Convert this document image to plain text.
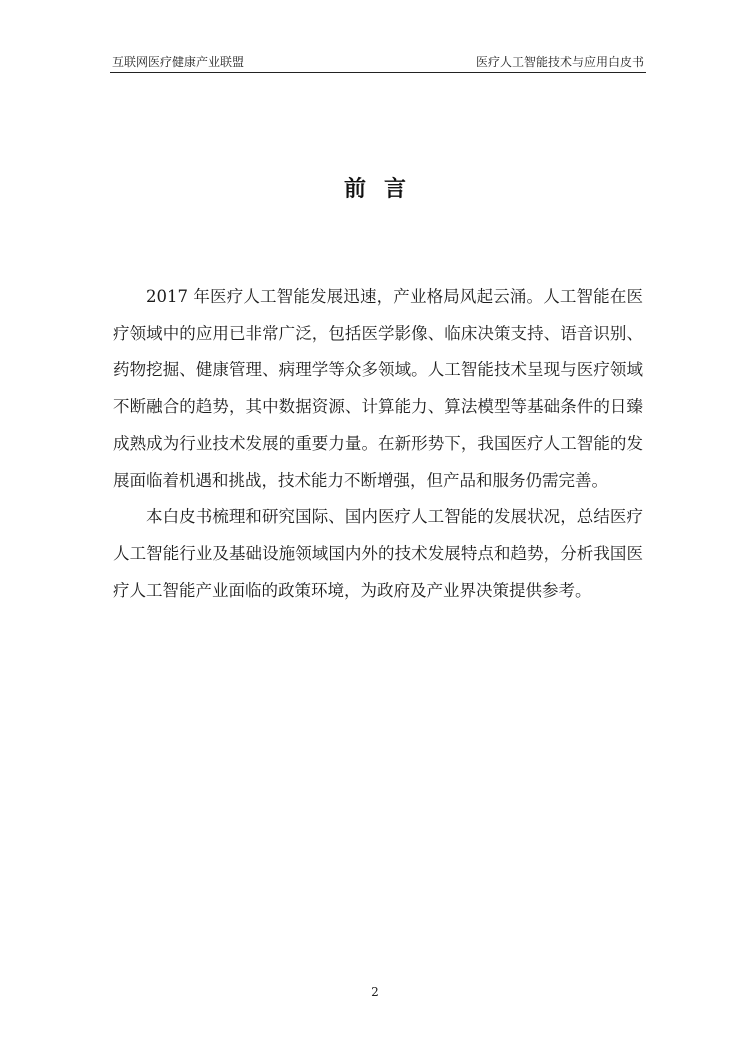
互联网医疗健康产业联盟	医疗人工智能技术与应用白皮书
前言

2017 年医疗人工智能发展迅速，产业格局风起云涌。人工智能在医疗领域中的应用已非常广泛，包括医学影像、临床决策支持、语音识别、药物挖掘、健康管理、病理学等众多领域。人工智能技术呈现与医疗领域不断融合的趋势，其中数据资源、计算能力、算法模型等基础条件的日臻成熟成为行业技术发展的重要力量。在新形势下，我国医疗人工智能的发展面临着机遇和挑战，技术能力不断增强，但产品和服务仍需完善。

本白皮书梳理和研究国际、国内医疗人工智能的发展状况，总结医疗人工智能行业及基础设施领域国内外的技术发展特点和趋势，分析我国医疗人工智能产业面临的政策环境，为政府及产业界决策提供参考。

2
